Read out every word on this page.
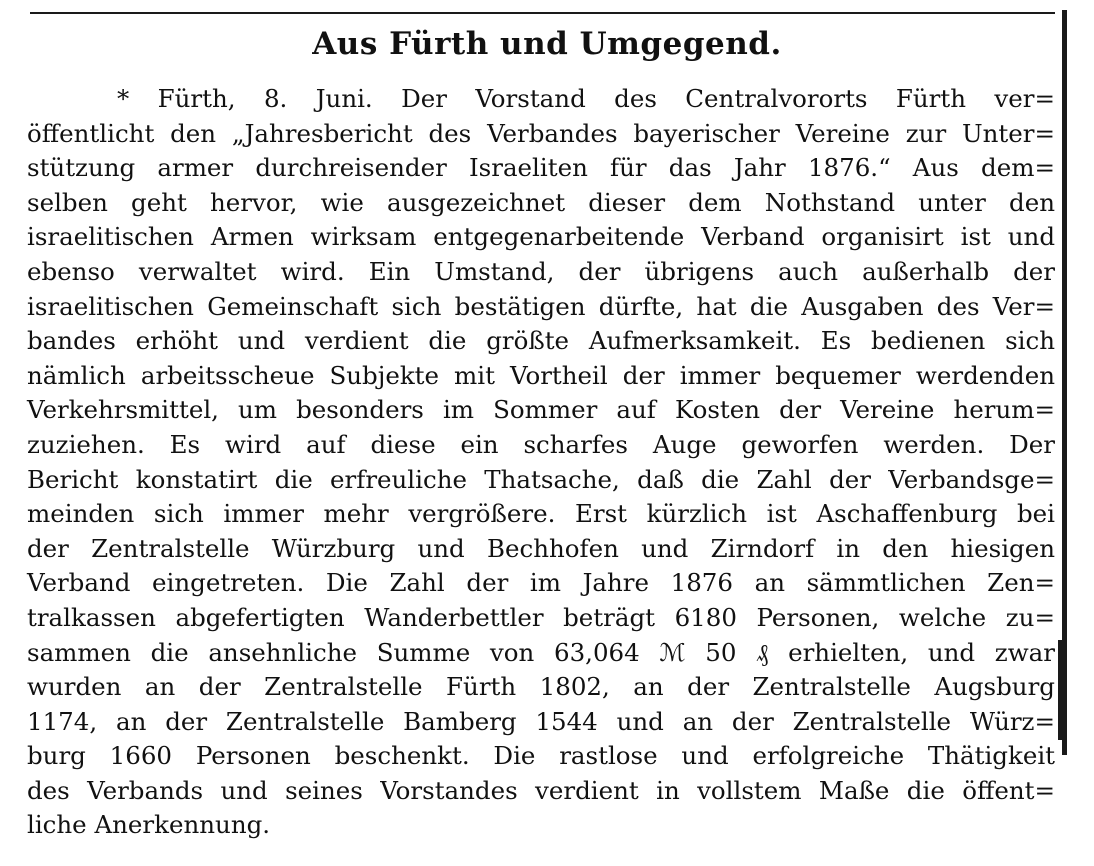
Aus Fürth und Umgegend.
* Fürth, 8. Juni. Der Vorstand des Centralvororts Fürth ver=
öffentlicht den „Jahresbericht des Verbandes bayerischer Vereine zur Unter=
stützung armer durchreisender Israeliten für das Jahr 1876.“ Aus dem=
selben geht hervor, wie ausgezeichnet dieser dem Nothstand unter den
israelitischen Armen wirksam entgegenarbeitende Verband organisirt ist und
ebenso verwaltet wird. Ein Umstand, der übrigens auch außerhalb der
israelitischen Gemeinschaft sich bestätigen dürfte, hat die Ausgaben des Ver=
bandes erhöht und verdient die größte Aufmerksamkeit. Es bedienen sich
nämlich arbeitsscheue Subjekte mit Vortheil der immer bequemer werdenden
Verkehrsmittel, um besonders im Sommer auf Kosten der Vereine herum=
zuziehen. Es wird auf diese ein scharfes Auge geworfen werden. Der
Bericht konstatirt die erfreuliche Thatsache, daß die Zahl der Verbandsge=
meinden sich immer mehr vergrößere. Erst kürzlich ist Aschaffenburg bei
der Zentralstelle Würzburg und Bechhofen und Zirndorf in den hiesigen
Verband eingetreten. Die Zahl der im Jahre 1876 an sämmtlichen Zen=
tralkassen abgefertigten Wanderbettler beträgt 6180 Personen, welche zu=
sammen die ansehnliche Summe von 63,064 ℳ 50 ₰ erhielten, und zwar
wurden an der Zentralstelle Fürth 1802, an der Zentralstelle Augsburg
1174, an der Zentralstelle Bamberg 1544 und an der Zentralstelle Würz=
burg 1660 Personen beschenkt. Die rastlose und erfolgreiche Thätigkeit
des Verbands und seines Vorstandes verdient in vollstem Maße die öffent=
liche Anerkennung.
